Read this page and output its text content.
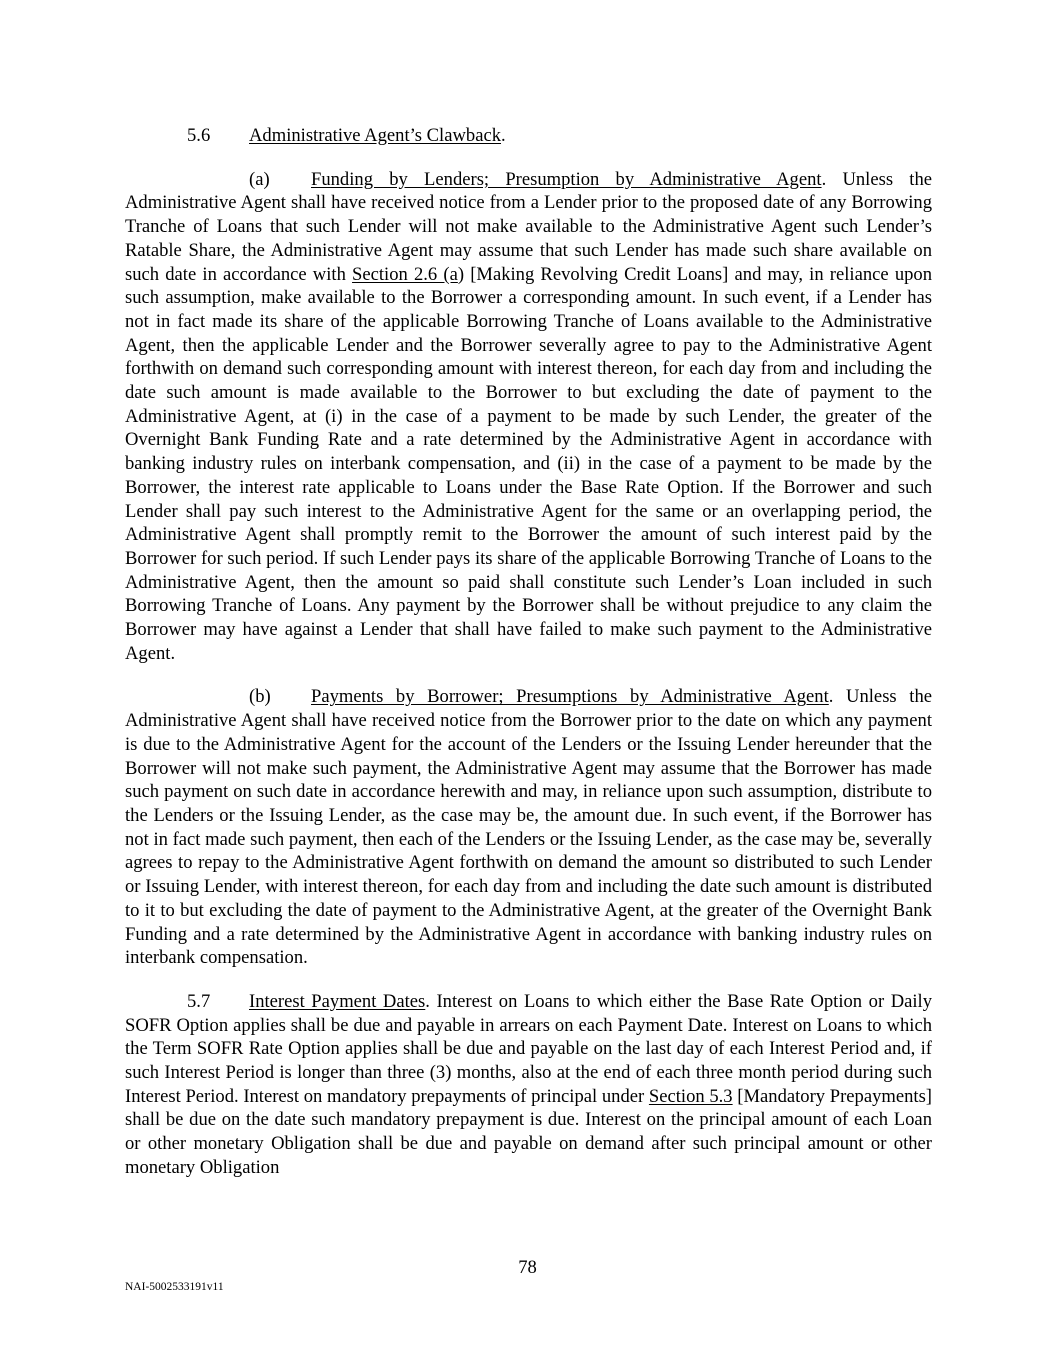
5.6 Administrative Agent’s Clawback.

(a) Funding by Lenders; Presumption by Administrative Agent. Unless the Administrative Agent shall have received notice from a Lender prior to the proposed date of any Borrowing Tranche of Loans that such Lender will not make available to the Administrative Agent such Lender’s Ratable Share, the Administrative Agent may assume that such Lender has made such share available on such date in accordance with Section 2.6 (a) [Making Revolving Credit Loans] and may, in reliance upon such assumption, make available to the Borrower a corresponding amount. In such event, if a Lender has not in fact made its share of the applicable Borrowing Tranche of Loans available to the Administrative Agent, then the applicable Lender and the Borrower severally agree to pay to the Administrative Agent forthwith on demand such corresponding amount with interest thereon, for each day from and including the date such amount is made available to the Borrower to but excluding the date of payment to the Administrative Agent, at (i) in the case of a payment to be made by such Lender, the greater of the Overnight Bank Funding Rate and a rate determined by the Administrative Agent in accordance with banking industry rules on interbank compensation, and (ii) in the case of a payment to be made by the Borrower, the interest rate applicable to Loans under the Base Rate Option. If the Borrower and such Lender shall pay such interest to the Administrative Agent for the same or an overlapping period, the Administrative Agent shall promptly remit to the Borrower the amount of such interest paid by the Borrower for such period. If such Lender pays its share of the applicable Borrowing Tranche of Loans to the Administrative Agent, then the amount so paid shall constitute such Lender’s Loan included in such Borrowing Tranche of Loans. Any payment by the Borrower shall be without prejudice to any claim the Borrower may have against a Lender that shall have failed to make such payment to the Administrative Agent.

(b) Payments by Borrower; Presumptions by Administrative Agent. Unless the Administrative Agent shall have received notice from the Borrower prior to the date on which any payment is due to the Administrative Agent for the account of the Lenders or the Issuing Lender hereunder that the Borrower will not make such payment, the Administrative Agent may assume that the Borrower has made such payment on such date in accordance herewith and may, in reliance upon such assumption, distribute to the Lenders or the Issuing Lender, as the case may be, the amount due. In such event, if the Borrower has not in fact made such payment, then each of the Lenders or the Issuing Lender, as the case may be, severally agrees to repay to the Administrative Agent forthwith on demand the amount so distributed to such Lender or Issuing Lender, with interest thereon, for each day from and including the date such amount is distributed to it to but excluding the date of payment to the Administrative Agent, at the greater of the Overnight Bank Funding and a rate determined by the Administrative Agent in accordance with banking industry rules on interbank compensation.

5.7 Interest Payment Dates. Interest on Loans to which either the Base Rate Option or Daily SOFR Option applies shall be due and payable in arrears on each Payment Date. Interest on Loans to which the Term SOFR Rate Option applies shall be due and payable on the last day of each Interest Period and, if such Interest Period is longer than three (3) months, also at the end of each three month period during such Interest Period. Interest on mandatory prepayments of principal under Section 5.3 [Mandatory Prepayments] shall be due on the date such mandatory prepayment is due. Interest on the principal amount of each Loan or other monetary Obligation shall be due and payable on demand after such principal amount or other monetary Obligation

78
NAI-5002533191v11
